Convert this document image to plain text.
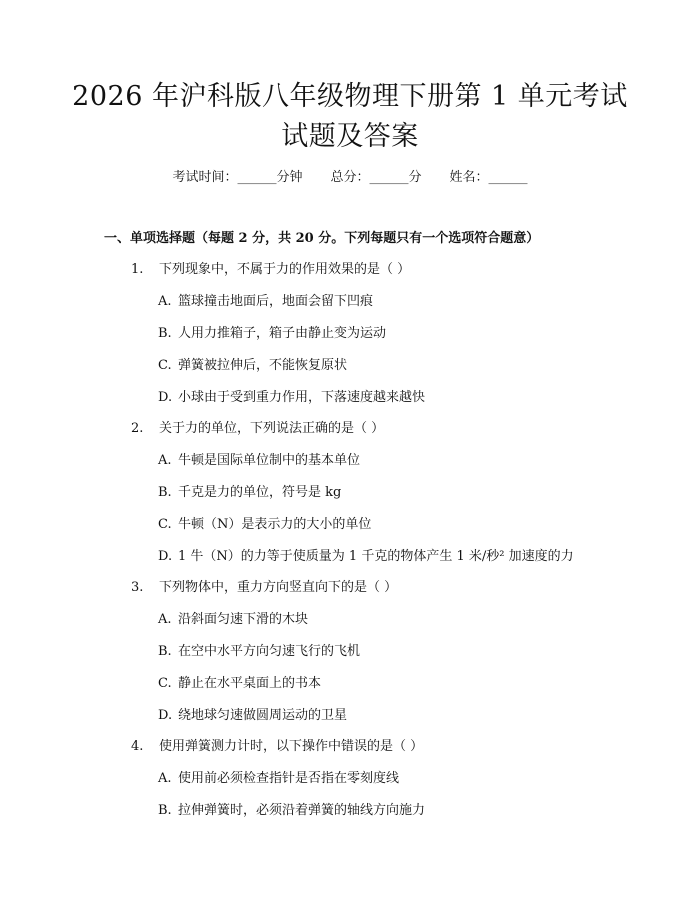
2026 年沪科版八年级物理下册第 1 单元考试
试题及答案
考试时间：______分钟 总分：______分 姓名：______
一、单项选择题（每题 2 分，共 20 分。下列每题只有一个选项符合题意）
1. 下列现象中，不属于力的作用效果的是（ ）
A. 篮球撞击地面后，地面会留下凹痕
B. 人用力推箱子，箱子由静止变为运动
C. 弹簧被拉伸后，不能恢复原状
D. 小球由于受到重力作用，下落速度越来越快
2. 关于力的单位，下列说法正确的是（ ）
A. 牛顿是国际单位制中的基本单位
B. 千克是力的单位，符号是 kg
C. 牛顿（N）是表示力的大小的单位
D. 1 牛（N）的力等于使质量为 1 千克的物体产生 1 米/秒² 加速度的力
3. 下列物体中，重力方向竖直向下的是（ ）
A. 沿斜面匀速下滑的木块
B. 在空中水平方向匀速飞行的飞机
C. 静止在水平桌面上的书本
D. 绕地球匀速做圆周运动的卫星
4. 使用弹簧测力计时，以下操作中错误的是（ ）
A. 使用前必须检查指针是否指在零刻度线
B. 拉伸弹簧时，必须沿着弹簧的轴线方向施力
